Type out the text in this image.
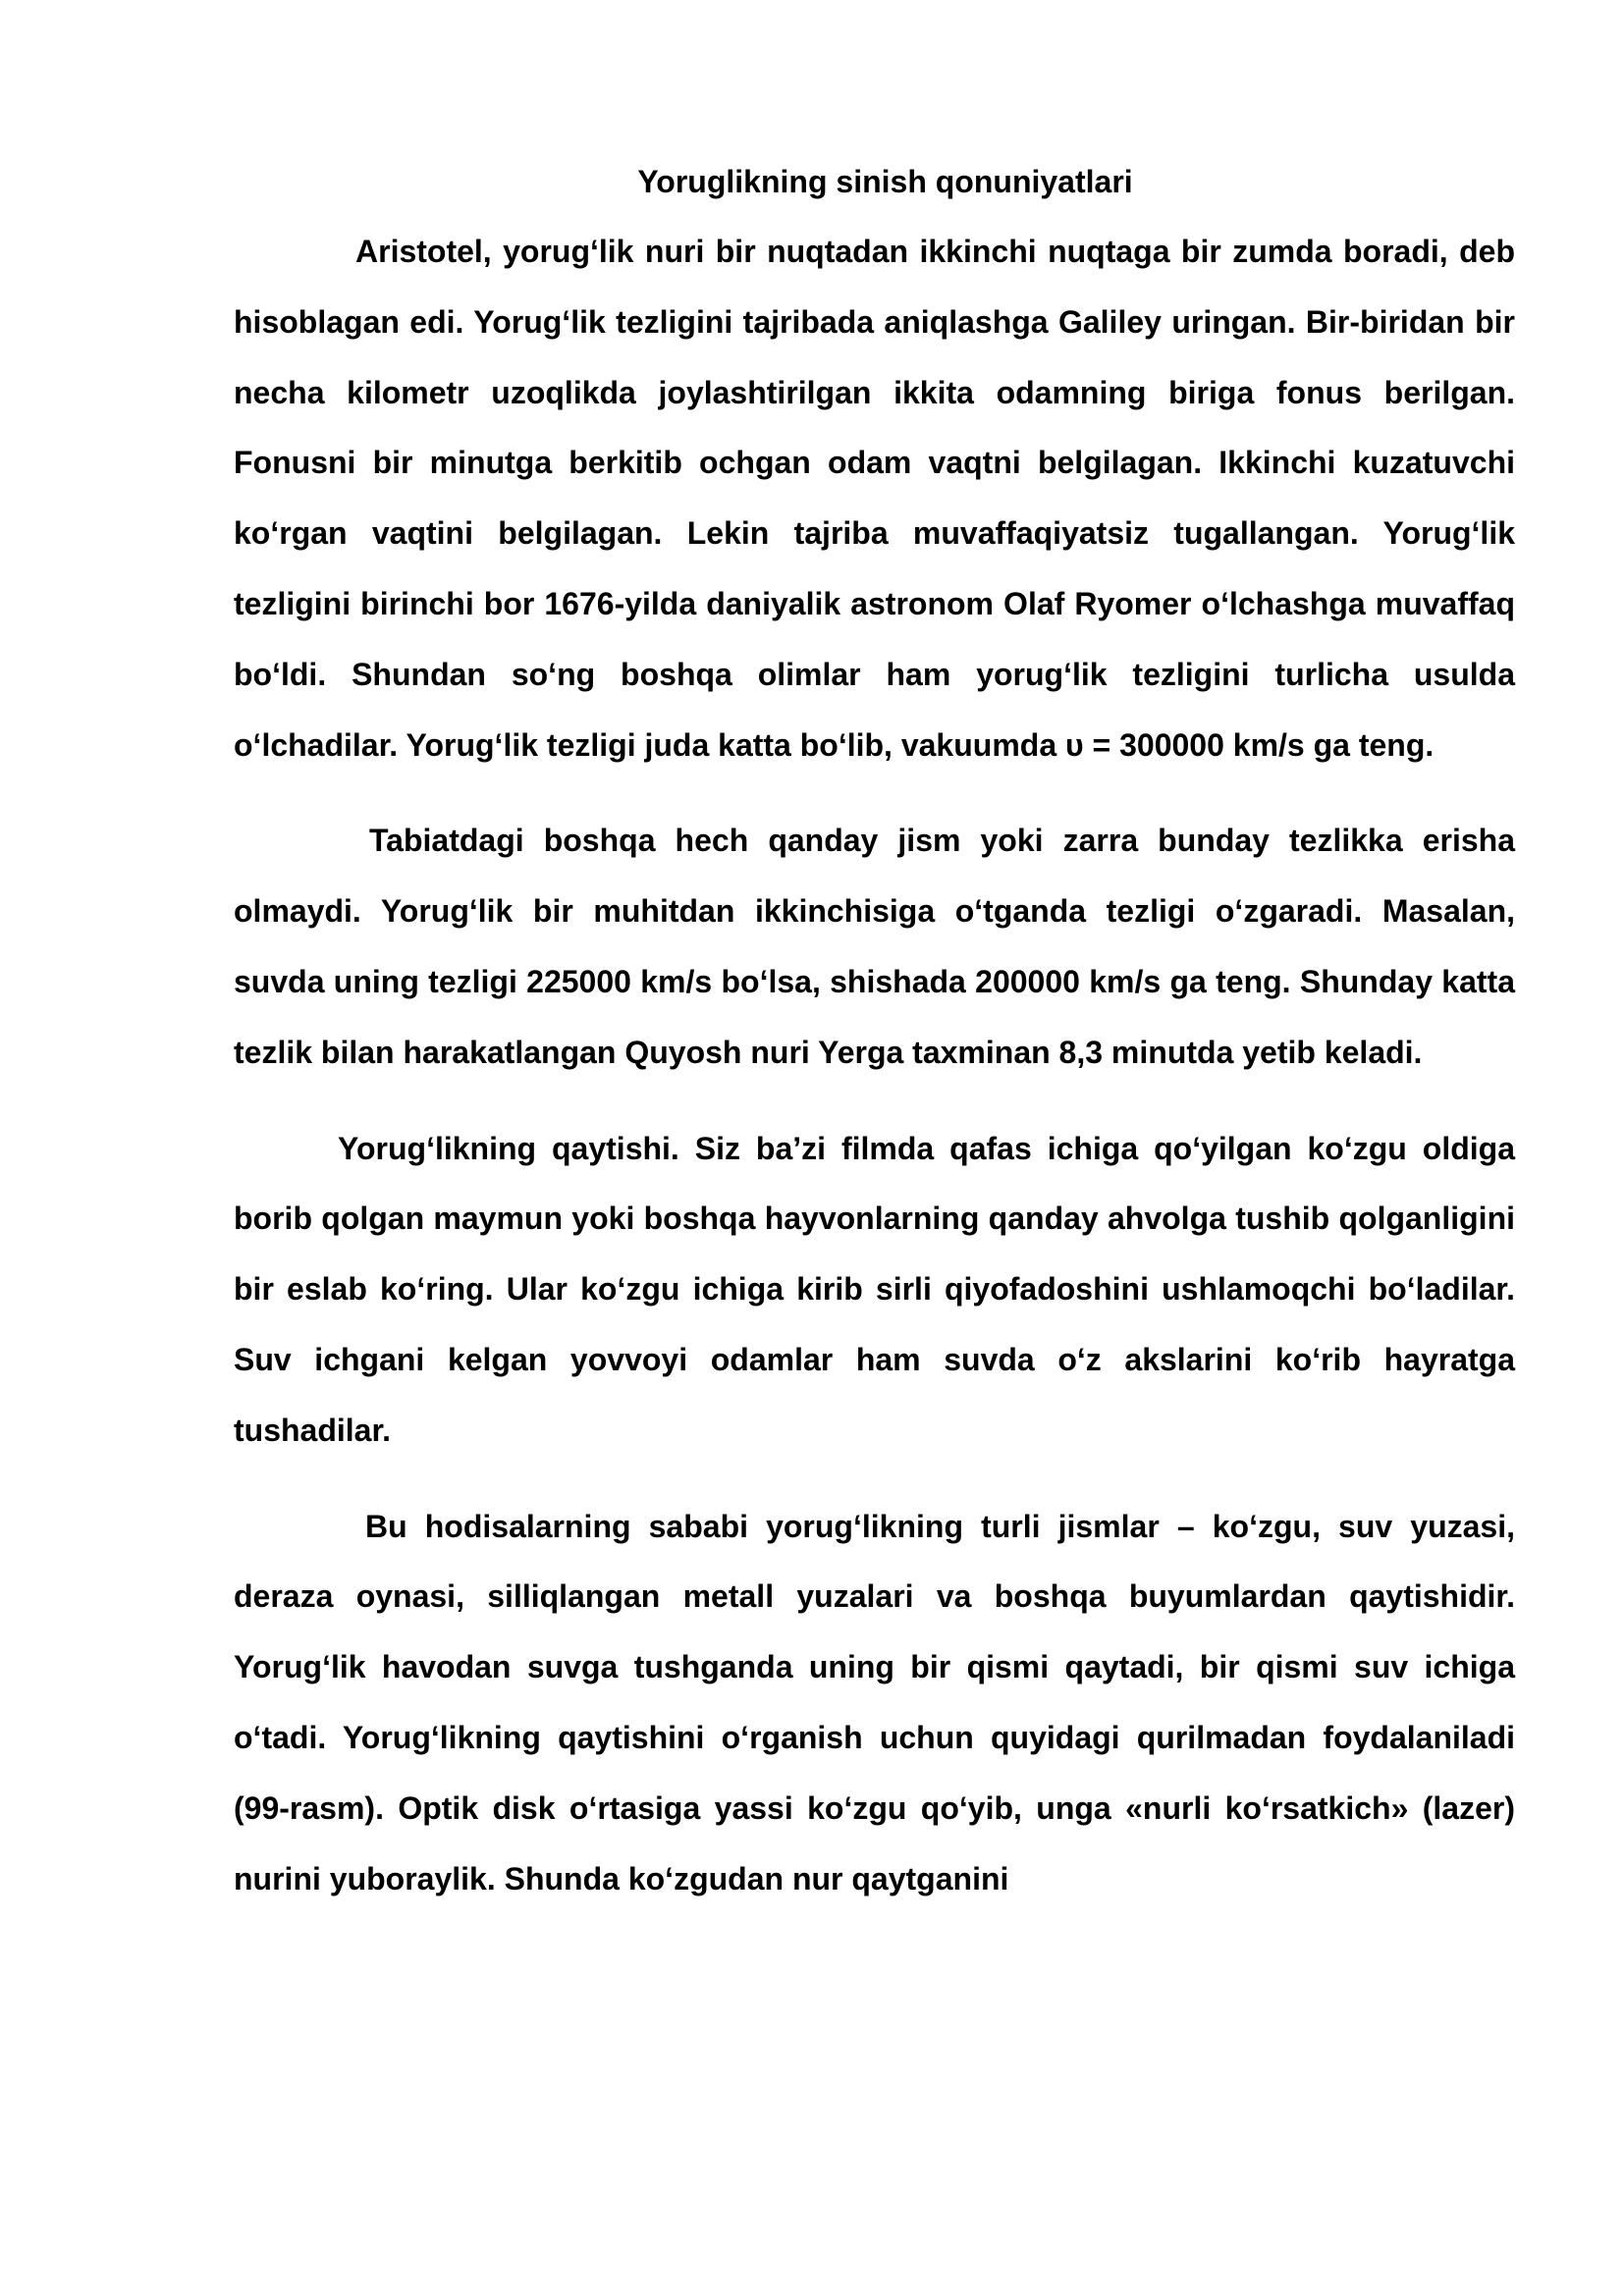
Yoruglikning sinish qonuniyatlari

Aristotel, yorug‘lik nuri bir nuqtadan ikkinchi nuqtaga bir zumda boradi, deb hisoblagan edi. Yorug‘lik tezligini tajribada aniqlashga Galiley uringan. Bir-biridan bir necha kilometr uzoqlikda joylashtirilgan ikkita odamning biriga fonus berilgan. Fonusni bir minutga berkitib ochgan odam vaqtni belgilagan. Ikkinchi kuzatuvchi ko‘rgan vaqtini belgilagan. Lekin tajriba muvaffaqiyatsiz tugallangan. Yorug‘lik tezligini birinchi bor 1676-yilda daniyalik astronom Olaf Ryomer o‘lchashga muvaffaq bo‘ldi. Shundan so‘ng boshqa olimlar ham yorug‘lik tezligini turlicha usulda o‘lchadilar. Yorug‘lik tezligi juda katta bo‘lib, vakuumda υ = 300000 km/s ga teng.

Tabiatdagi boshqa hech qanday jism yoki zarra bunday tezlikka erisha olmaydi. Yorug‘lik bir muhitdan ikkinchisiga o‘tganda tezligi o‘zgaradi. Masalan, suvda uning tezligi 225000 km/s bo‘lsa, shishada 200000 km/s ga teng. Shunday katta tezlik bilan harakatlangan Quyosh nuri Yerga taxminan 8,3 minutda yetib keladi.

Yorug‘likning qaytishi. Siz ba’zi filmda qafas ichiga qo‘yilgan ko‘zgu oldiga borib qolgan maymun yoki boshqa hayvonlarning qanday ahvolga tushib qolganligini bir eslab ko‘ring. Ular ko‘zgu ichiga kirib sirli qiyofadoshini ushlamoqchi bo‘ladilar. Suv ichgani kelgan yovvoyi odamlar ham suvda o‘z akslarini ko‘rib hayratga tushadilar.

Bu hodisalarning sababi yorug‘likning turli jismlar – ko‘zgu, suv yuzasi, deraza oynasi, silliqlangan metall yuzalari va boshqa buyumlardan qaytishidir. Yorug‘lik havodan suvga tushganda uning bir qismi qaytadi, bir qismi suv ichiga o‘tadi. Yorug‘likning qaytishini o‘rganish uchun quyidagi qurilmadan foydalaniladi (99-rasm). Optik disk o‘rtasiga yassi ko‘zgu qo‘yib, unga «nurli ko‘rsatkich» (lazer) nurini yuboraylik. Shunda ko‘zgudan nur qaytganini
